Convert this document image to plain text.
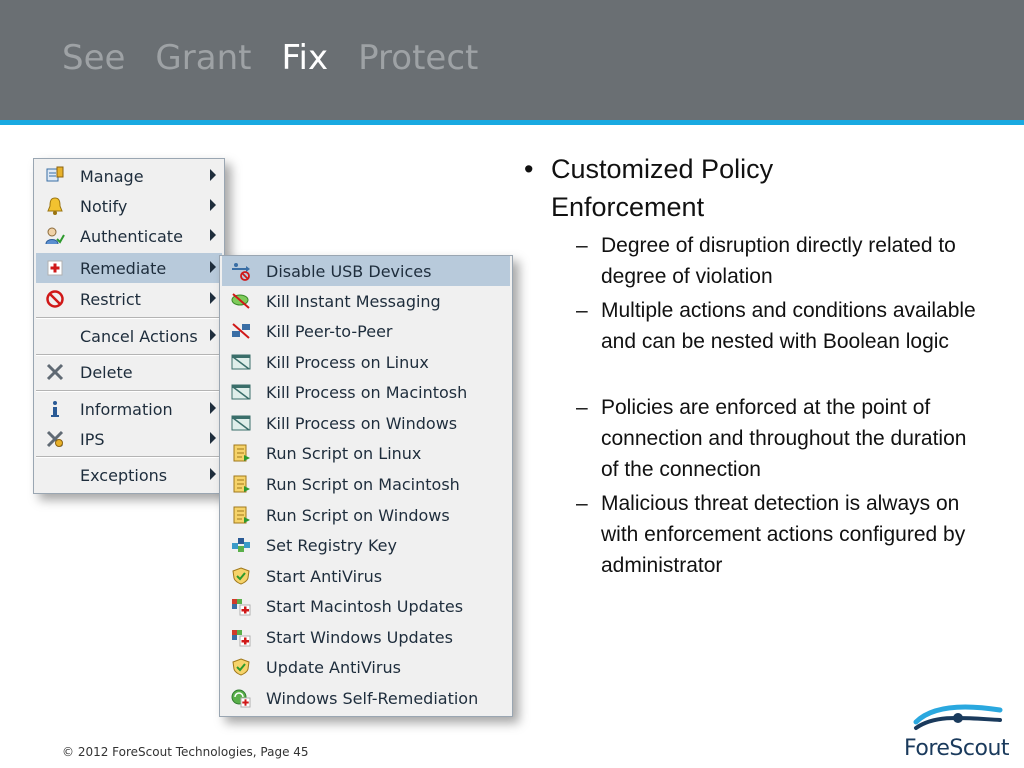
See Grant Fix Protect
Manage
Notify
Authenticate
Remediate
Restrict
Cancel Actions
Delete
Information
IPS
Exceptions
Disable USB Devices
Kill Instant Messaging
Kill Peer-to-Peer
Kill Process on Linux
Kill Process on Macintosh
Kill Process on Windows
Run Script on Linux
Run Script on Macintosh
Run Script on Windows
Set Registry Key
Start AntiVirus
Start Macintosh Updates
Start Windows Updates
Update AntiVirus
Windows Self-Remediation
• Customized Policy Enforcement
– Degree of disruption directly related to degree of violation
– Multiple actions and conditions available and can be nested with Boolean logic
– Policies are enforced at the point of connection and throughout the duration of the connection
– Malicious threat detection is always on with enforcement actions configured by administrator
© 2012 ForeScout Technologies, Page 45	ForeScout
